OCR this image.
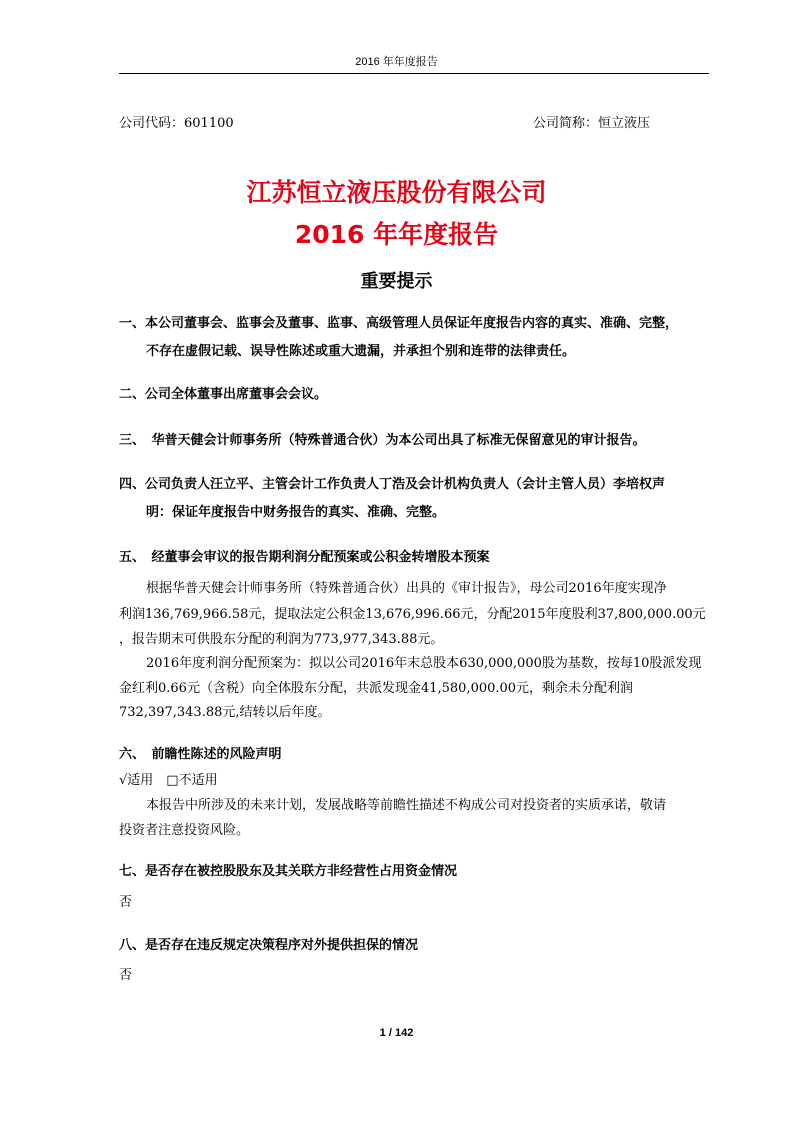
2016 年年度报告
公司代码：601100	公司简称：恒立液压
江苏恒立液压股份有限公司
2016 年年度报告
重要提示
一、本公司董事会、监事会及董事、监事、高级管理人员保证年度报告内容的真实、准确、完整，
不存在虚假记载、误导性陈述或重大遗漏，并承担个别和连带的法律责任。
二、公司全体董事出席董事会会议。
三、　华普天健会计师事务所（特殊普通合伙）为本公司出具了标准无保留意见的审计报告。
四、公司负责人汪立平、主管会计工作负责人丁浩及会计机构负责人（会计主管人员）李培权声
明：保证年度报告中财务报告的真实、准确、完整。
五、　经董事会审议的报告期利润分配预案或公积金转增股本预案
根据华普天健会计师事务所（特殊普通合伙）出具的《审计报告》，母公司2016年度实现净
利润136,769,966.58元，提取法定公积金13,676,996.66元，分配2015年度股利37,800,000.00元
，报告期末可供股东分配的利润为773,977,343.88元。
2016年度利润分配预案为：拟以公司2016年末总股本630,000,000股为基数，按每10股派发现
金红利0.66元（含税）向全体股东分配，共派发现金41,580,000.00元，剩余未分配利润
732,397,343.88元,结转以后年度。
六、　前瞻性陈述的风险声明
√适用　□不适用
本报告中所涉及的未来计划，发展战略等前瞻性描述不构成公司对投资者的实质承诺，敬请
投资者注意投资风险。
七、是否存在被控股股东及其关联方非经营性占用资金情况
否
八、是否存在违反规定决策程序对外提供担保的情况
否
1 / 142
